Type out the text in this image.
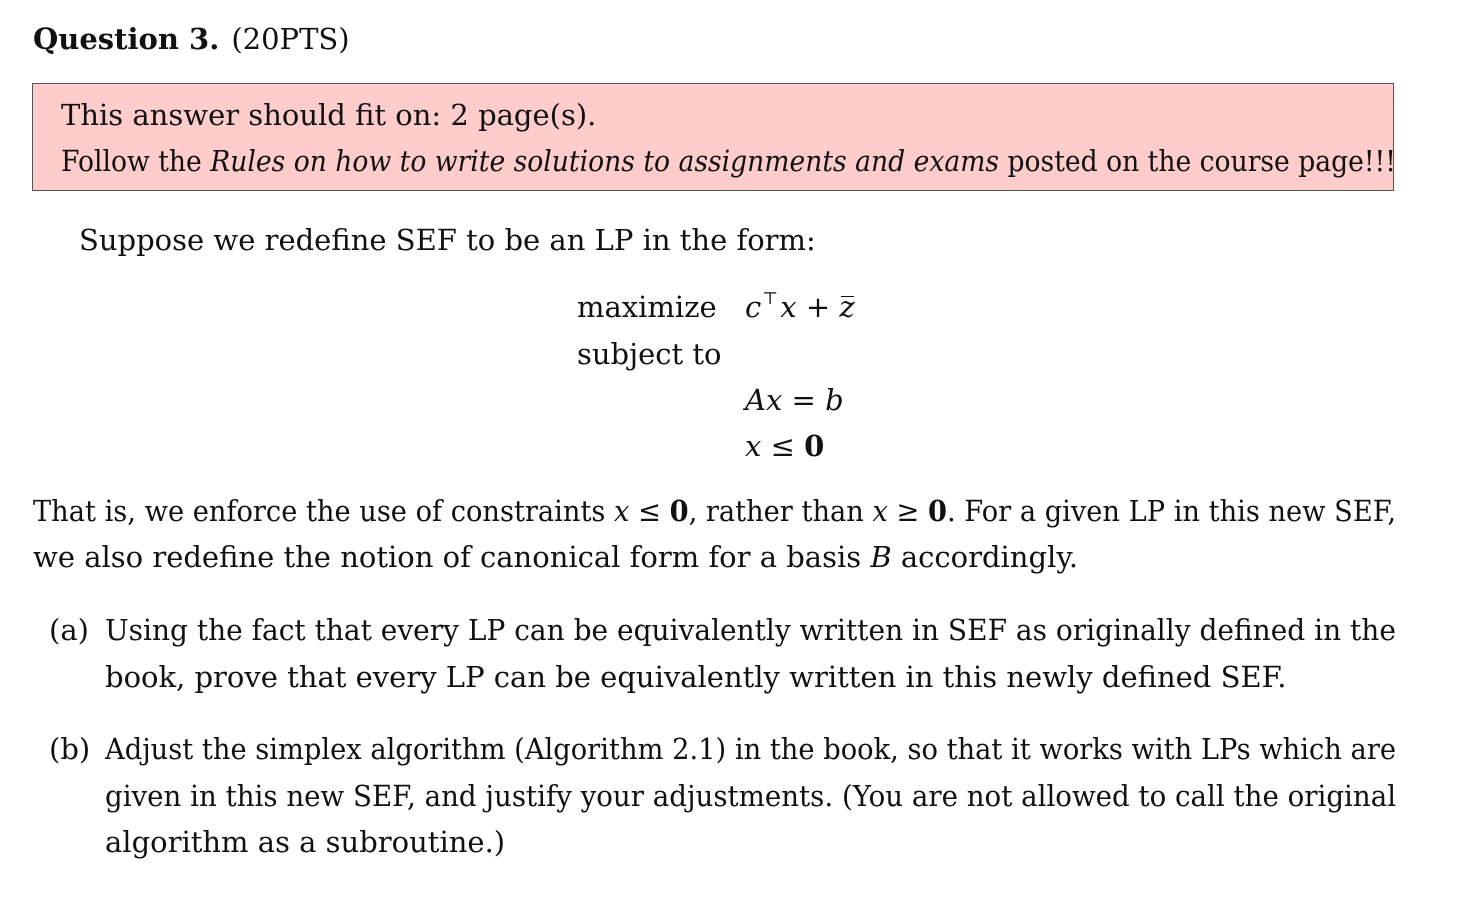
Question 3. (20PTS)
This answer should fit on: 2 page(s).
Follow the Rules on how to write solutions to assignments and exams posted on the course page!!!
Suppose we redefine SEF to be an LP in the form:
maximize c⊤x + z
subject to
Ax = b
x ≤ 0
That is, we enforce the use of constraints x ≤ 0, rather than x ≥ 0. For a given LP in this new SEF,
we also redefine the notion of canonical form for a basis B accordingly.
(a) Using the fact that every LP can be equivalently written in SEF as originally defined in the
book, prove that every LP can be equivalently written in this newly defined SEF.
(b) Adjust the simplex algorithm (Algorithm 2.1) in the book, so that it works with LPs which are
given in this new SEF, and justify your adjustments. (You are not allowed to call the original
algorithm as a subroutine.)
